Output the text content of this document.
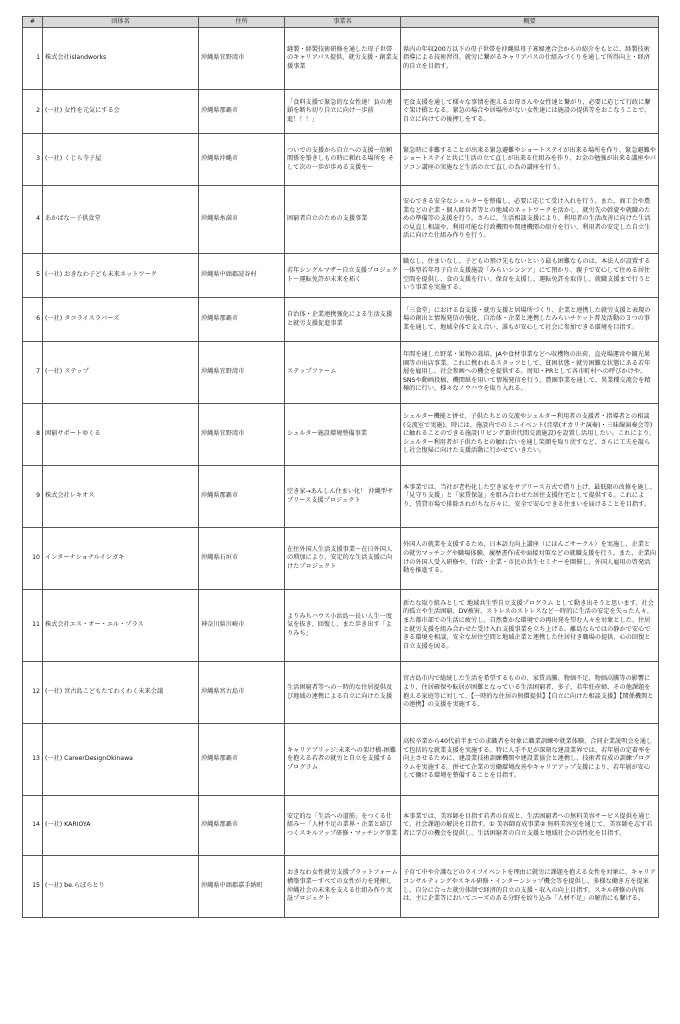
#	団体名	住所	事業名	概要
1	株式会社islandworks	沖縄県宜野湾市	縫製・経製技術研修を通した母子世帯のキャリアパス提供、就労支援・創業支援事業	県内の年収200万以下の母子世帯を沖縄県母子寡婦連合会からの紹介をもとに、経製技術指導による技術習得、就労に繋がるキャリアパスの仕組みづくりを通して所得向上・経済的自立を目指す。
2	(一社) 女性を元気にする会	沖縄県那覇市	「食料支援で緊急的な女性達！負の連鎖を断ち切り自立に向け一歩前進！！！」	宅食支援を通して様々な事情を抱えるお母さんや女性達と繋がり、必要に応じて行政に繋ぐ架け橋となる。緊急の場合や居場所がない女性達には施設の提供等をおこなうことで、自立に向けての後押しをする。
3	(一社) くじら寺子屋	沖縄県沖縄市	ついでの支援から自立への支援～信頼関係を築きしもの時に頼れる場所を そして次の一歩が歩める支援を～	緊急時に非難することが出来る緊急避難やショートステイが出来る場所を作り、緊急避難やショートステイと共に生活の立て直しが出来る仕組みを作り、お金の勉強が出来る講座やパソコン講座の実施など生活の立て直しの為の講座を行う。
4	あかばな～子供食堂	沖縄県糸満市	困窮者自立のための支援事業	安心できる安全なシェルターを整備し、必要に応じて受け入れを行う。また、商工会や農業などの企業・個人経営者等との地域のネットワークを活かし、就労先の斡旋や就職のための準備等の支援を行う。さらに、生活相談支援により、利用者の生活改善に向けた生活の見直し相談や、利用可能な行政機関や関連機関の紹介を行い、利用者の安定した自立生活に向けた仕組み作りを行う。
5	(一社) おきなわ子ども未来ネットワーク	沖縄県中頭郡読谷村	若年シングルマザー自立支援プロジェクト～運転免許が未来を拓く	職なし、住まいなし、子どもの預け先もないという最も困難なものは、本法人が設置する一体型若年母子自立支援施設「みらいシンシア」にて預かり、親子で安心して住める居住空間を提供し、食の支援を行い、保育を支援し、運転免許を取得し、就職支援まで行うという事業を実施する。
6	(一社) タコライスラバーズ	沖縄県那覇市	自治体・企業連携強化による生活支援と就労支援促進事業	「三食堂」における食支援・就労支援と居場所づくり、企業と連携した就労支援と表現の場の創出と情報発信の強化、自治体・企業と連携したみらいチケット普及活動の３つの事業を通して、地域全体で支え合い、誰もが安心して社会に参加できる環境を目指す。
7	(一社) ステップ	沖縄県宜野湾市	ステップファーム	年間を通した野菜・果物の栽培、JAや食材事業などへ収穫物の出荷、直売場運営や観光果園等の出店事業。これに携われるスタッフとして、貧困状態・就労困難な状態にある若年層を雇用し、社会参画への機会を提供する。周知・PRとして各市町村への呼びかけや、SNSや動画投稿、機関紙を用いて情報発信を行う。農園事業を通して、異業種交流会を精極的に行い、様々なノウハウを取り入れる。
8	困窮サポートゆくる	沖縄県宜野湾市	シェルター施設環境整備事業	シェルター機能と併せ、子供たちとの交流やシェルター利用者の支援者・指導者との相談(交流室で実施)。時には、施設内でのミニイベント(音楽(オカリナ演奏)・三味線演奏会等)に触れることのできる施設(リビング兼世代間交流施設)を設置し活用したい。これにより、シェルター利用者が子供たちとの触れ合いを通し笑顔を取り戻すなど、さらに工夫を凝らし社会復帰に向けた支援活動に行かせていきたい。
9	株式会社レキオス	沖縄県那覇市	空き家→あんしん住まい化！ 沖縄型サブリース支援プロジェクト	本事業では、当社が老朽化した空き家をサブリース方式で借り上げ、最低限の改修を施し、「見守り支援」と「家賃保証」を組み合わせた居住支援住宅として提供する。これにより、賃貸市場で排除されがちな方々に、安全で安心できる住まいを届けることを目指す。
10	インターナショナルイシガキ	沖縄県石垣市	在住外国人生活支援事業～在日外国人の増加により、安定的な生活支援に向けたプロジェクト	外国人の就業を支援するため、日本語力向上講座（にほんごサークル）を実施し、企業との就労マッチングや職場体験、履歴書作成や面接対策などの就職支援を行う。また、企業向けの外国人受入研修や、行政・企業・市民の共生セミナーを開催し、外国人雇用の啓発活動を推進する。
11	株式会社エス・オー・エル・プラス	神奈川県川崎市	よりみちハウス小浜島～長い人生一度気を抜き、回復し、また歩き出す「よりみち」	新たな取り組みとして 地域共生型自立支援プログラム として動き出そうと思います。社会的孤立や生活困窮、DV被害、ストレスのストレスなど一時的に生活の安定を失った人々、また都市部での生活に疲労し、自然豊かな環境での再出発を望む人々を対象とした、住居と就労支援を組み合わせた受け入れ支援事業を立ち上げる。離島ならではの静かで安心できる環境を相談、安全な居住空間と地域企業と連携した住居付き職場の提供、心の回復と自立支援を図る。
12	(一社) 宮古島こどもたてわくわく未来会議	沖縄県宮古島市	生活困窮者等への一時的な住居提供及び地域の連携による自立に向けた支援	宮古島市内で総続した生活を希望するものの、家賃高騰、物価不足、物価高騰等の影響により、住居確保や転居が困難となっている生活困窮者、多子、若年妊産婦、その他課題を抱える家庭等に対して、【一時的な住居の無償提供】【自立に向けた相談支援】【関係機関との連携】の支援を実施する。
13	(一社) CareerDesignOkinawa	沖縄県那覇市	キャリアブリッジ:未来への架け橋-困難を抱える若者の就労と自立を支援するプログラム	高校卒業から40代前半までの求職者を対象に職業訓練や就業体験、合同企業説明会を通して包括的な就業支援を実施する。特に人手不足が深刻な建設業界では、若年層の定着率を向上させるために、建設業技術訓練機関や建設業協会と連携し、技術者育成の訓練プログラムを実施する。併せて企業の労働環境改善やキャリアアップ支援により、若年層が安心して働ける環境を整備することを目指す。
14	(一社) KARIOYA	沖縄県那覇市	安定的な「生活への道筋」をつくる仕組み～「人材不足の業界・企業と結びつくスキルアップ研修・マッチング事業	本事業では、美容師を目指す若者の育成と、生活困窮者への無料美容サービス提供を通じて、社会課題の解決を目指す。① 美容師育成事業② 無料美容室を通じて、美容師を志す若者に学びの機会を提供し、生活困窮者の自立支援と地域社会の活性化を目指す。
15	(一社) be.らぼらとり	沖縄県中頭郡嘉手納町	おきなわ女性就労支援プラットフォーム構築事業～すべての女性が力を発揮し沖縄社会の未来を支える仕組み作り実証プロジェクト	子育て中や介護などのライフイベントを理由に就労に課題を抱える女性を対象に、キャリアコンサルティングやスキル研修・インターンシップ機会等を提供し、多様な働き方を提案し、自分に合った就労体制で経済的自立の支援・収入の向上目指す。スキル研修の内容は、主に企業等においてニーズのある分野を絞り込み「人材不足」の解消にも繋げる。
